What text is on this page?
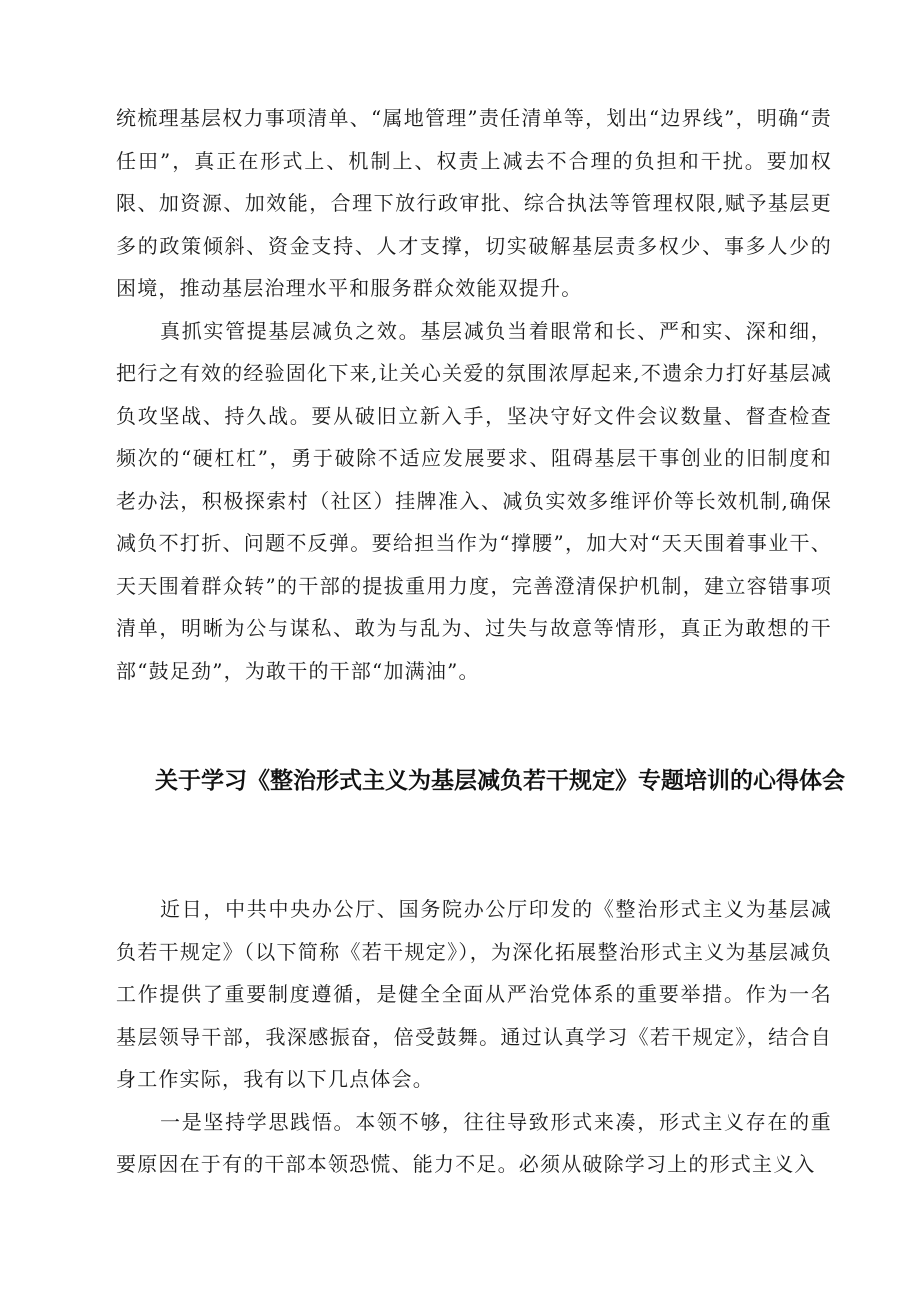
统梳理基层权力事项清单、“属地管理”责任清单等，划出“边界线”，明确“责任田”，真正在形式上、机制上、权责上减去不合理的负担和干扰。要加权限、加资源、加效能，合理下放行政审批、综合执法等管理权限,赋予基层更多的政策倾斜、资金支持、人才支撑，切实破解基层责多权少、事多人少的困境，推动基层治理水平和服务群众效能双提升。

真抓实管提基层减负之效。基层减负当着眼常和长、严和实、深和细，把行之有效的经验固化下来,让关心关爱的氛围浓厚起来,不遗余力打好基层减负攻坚战、持久战。要从破旧立新入手，坚决守好文件会议数量、督查检查频次的“硬杠杠”，勇于破除不适应发展要求、阻碍基层干事创业的旧制度和老办法，积极探索村（社区）挂牌准入、减负实效多维评价等长效机制,确保减负不打折、问题不反弹。要给担当作为“撑腰”，加大对“天天围着事业干、天天围着群众转”的干部的提拔重用力度，完善澄清保护机制，建立容错事项清单，明晰为公与谋私、敢为与乱为、过失与故意等情形，真正为敢想的干部“鼓足劲”，为敢干的干部“加满油”。

关于学习《整治形式主义为基层减负若干规定》专题培训的心得体会

近日，中共中央办公厅、国务院办公厅印发的《整治形式主义为基层减负若干规定》（以下简称《若干规定》），为深化拓展整治形式主义为基层减负工作提供了重要制度遵循，是健全全面从严治党体系的重要举措。作为一名基层领导干部，我深感振奋，倍受鼓舞。通过认真学习《若干规定》，结合自身工作实际，我有以下几点体会。

一是坚持学思践悟。本领不够，往往导致形式来凑，形式主义存在的重要原因在于有的干部本领恐慌、能力不足。必须从破除学习上的形式主义入
